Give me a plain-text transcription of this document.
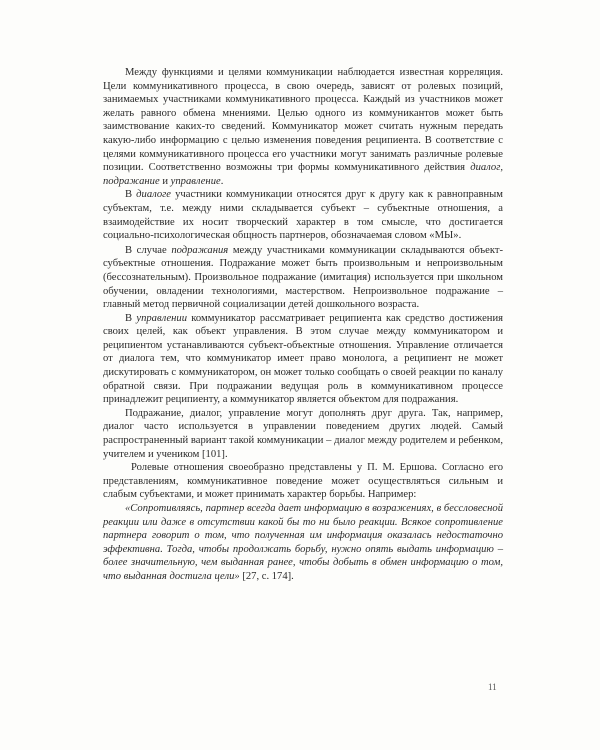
Между функциями и целями коммуникации наблюдается известная корреляция. Цели коммуникативного процесса, в свою очередь, зависят от ролевых позиций, занимаемых участниками коммуникативного процесса. Каждый из участников может желать равного обмена мнениями. Целью одного из коммуникантов может быть заимствование каких-то сведений. Коммуникатор может считать нужным передать какую-либо информацию с целью изменения поведения реципиента. В соответствие с целями коммуникативного процесса его участники могут занимать различные ролевые позиции. Соответственно возможны три формы коммуникативного действия диалог, подражание и управление.

В диалоге участники коммуникации относятся друг к другу как к равноправным субъектам, т.е. между ними складывается субъект – субъектные отношения, а взаимодействие их носит творческий характер в том смысле, что достигается социально-психологическая общность партнеров, обозначаемая словом «МЫ».

В случае подражания между участниками коммуникации складываются объект-субъектные отношения. Подражание может быть произвольным и непроизвольным (бессознательным). Произвольное подражание (имитация) используется при школьном обучении, овладении технологиями, мастерством. Непроизвольное подражание – главный метод первичной социализации детей дошкольного возраста.

В управлении коммуникатор рассматривает реципиента как средство достижения своих целей, как объект управления. В этом случае между коммуникатором и реципиентом устанавливаются субъект-объектные отношения. Управление отличается от диалога тем, что коммуникатор имеет право монолога, а реципиент не может дискутировать с коммуникатором, он может только сообщать о своей реакции по каналу обратной связи. При подражании ведущая роль в коммуникативном процессе принадлежит реципиенту, а коммуникатор является объектом для подражания.

Подражание, диалог, управление могут дополнять друг друга. Так, например, диалог часто используется в управлении поведением других людей. Самый распространенный вариант такой коммуникации – диалог между родителем и ребенком, учителем и учеником [101].

Ролевые отношения своеобразно представлены у П. М. Ершова. Согласно его представлениям, коммуникативное поведение может осуществляться сильным и слабым субъектами, и может принимать характер борьбы. Например:

«Сопротивляясь, партнер всегда дает информацию в возражениях, в бессловесной реакции или даже в отсутствии какой бы то ни было реакции. Всякое сопротивление партнера говорит о том, что полученная им информация оказалась недостаточно эффективна. Тогда, чтобы продолжать борьбу, нужно опять выдать информацию – более значительную, чем выданная ранее, чтобы добыть в обмен информацию о том, что выданная достигла цели» [27, с. 174].

11
